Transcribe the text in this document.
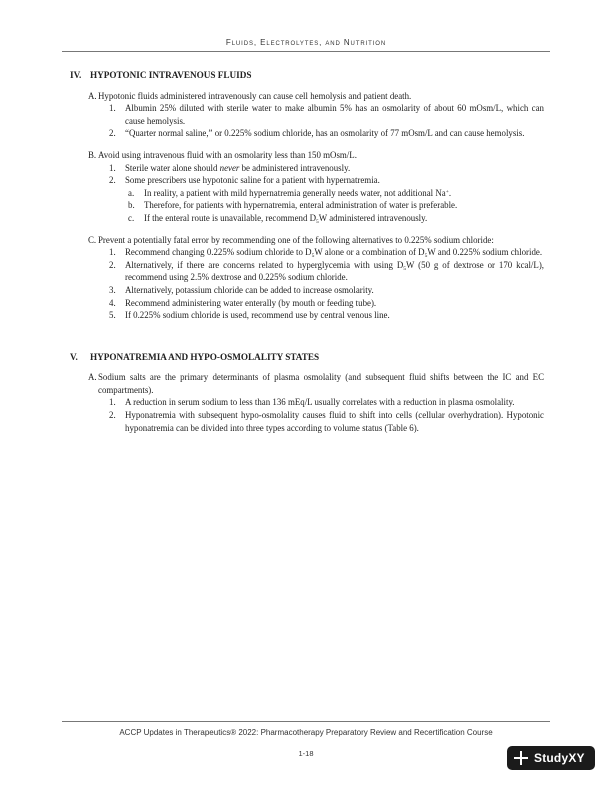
Fluids, Electrolytes, and Nutrition
IV. HYPOTONIC INTRAVENOUS FLUIDS
A. Hypotonic fluids administered intravenously can cause cell hemolysis and patient death.
1. Albumin 25% diluted with sterile water to make albumin 5% has an osmolarity of about 60 mOsm/L, which can cause hemolysis.
2. “Quarter normal saline,” or 0.225% sodium chloride, has an osmolarity of 77 mOsm/L and can cause hemolysis.
B. Avoid using intravenous fluid with an osmolarity less than 150 mOsm/L.
1. Sterile water alone should never be administered intravenously.
2. Some prescribers use hypotonic saline for a patient with hypernatremia.
a. In reality, a patient with mild hypernatremia generally needs water, not additional Na+.
b. Therefore, for patients with hypernatremia, enteral administration of water is preferable.
c. If the enteral route is unavailable, recommend $D_5W$ administered intravenously.
C. Prevent a potentially fatal error by recommending one of the following alternatives to 0.225% sodium chloride:
1. Recommend changing 0.225% sodium chloride to $D_5W$ alone or a combination of $D_5W$ and 0.225% sodium chloride.
2. Alternatively, if there are concerns related to hyperglycemia with using $D_5W$ (50 g of dextrose or 170 kcal/L), recommend using 2.5% dextrose and 0.225% sodium chloride.
3. Alternatively, potassium chloride can be added to increase osmolarity.
4. Recommend administering water enterally (by mouth or feeding tube).
5. If 0.225% sodium chloride is used, recommend use by central venous line.
V. HYPONATREMIA AND HYPO-OSMOLALITY STATES
A. Sodium salts are the primary determinants of plasma osmolality (and subsequent fluid shifts between the IC and EC compartments).
1. A reduction in serum sodium to less than 136 mEq/L usually correlates with a reduction in plasma osmolality.
2. Hyponatremia with subsequent hypo-osmolality causes fluid to shift into cells (cellular overhydration). Hypotonic hyponatremia can be divided into three types according to volume status (Table 6).
ACCP Updates in Therapeutics® 2022: Pharmacotherapy Preparatory Review and Recertification Course
1-18	StudyXY
